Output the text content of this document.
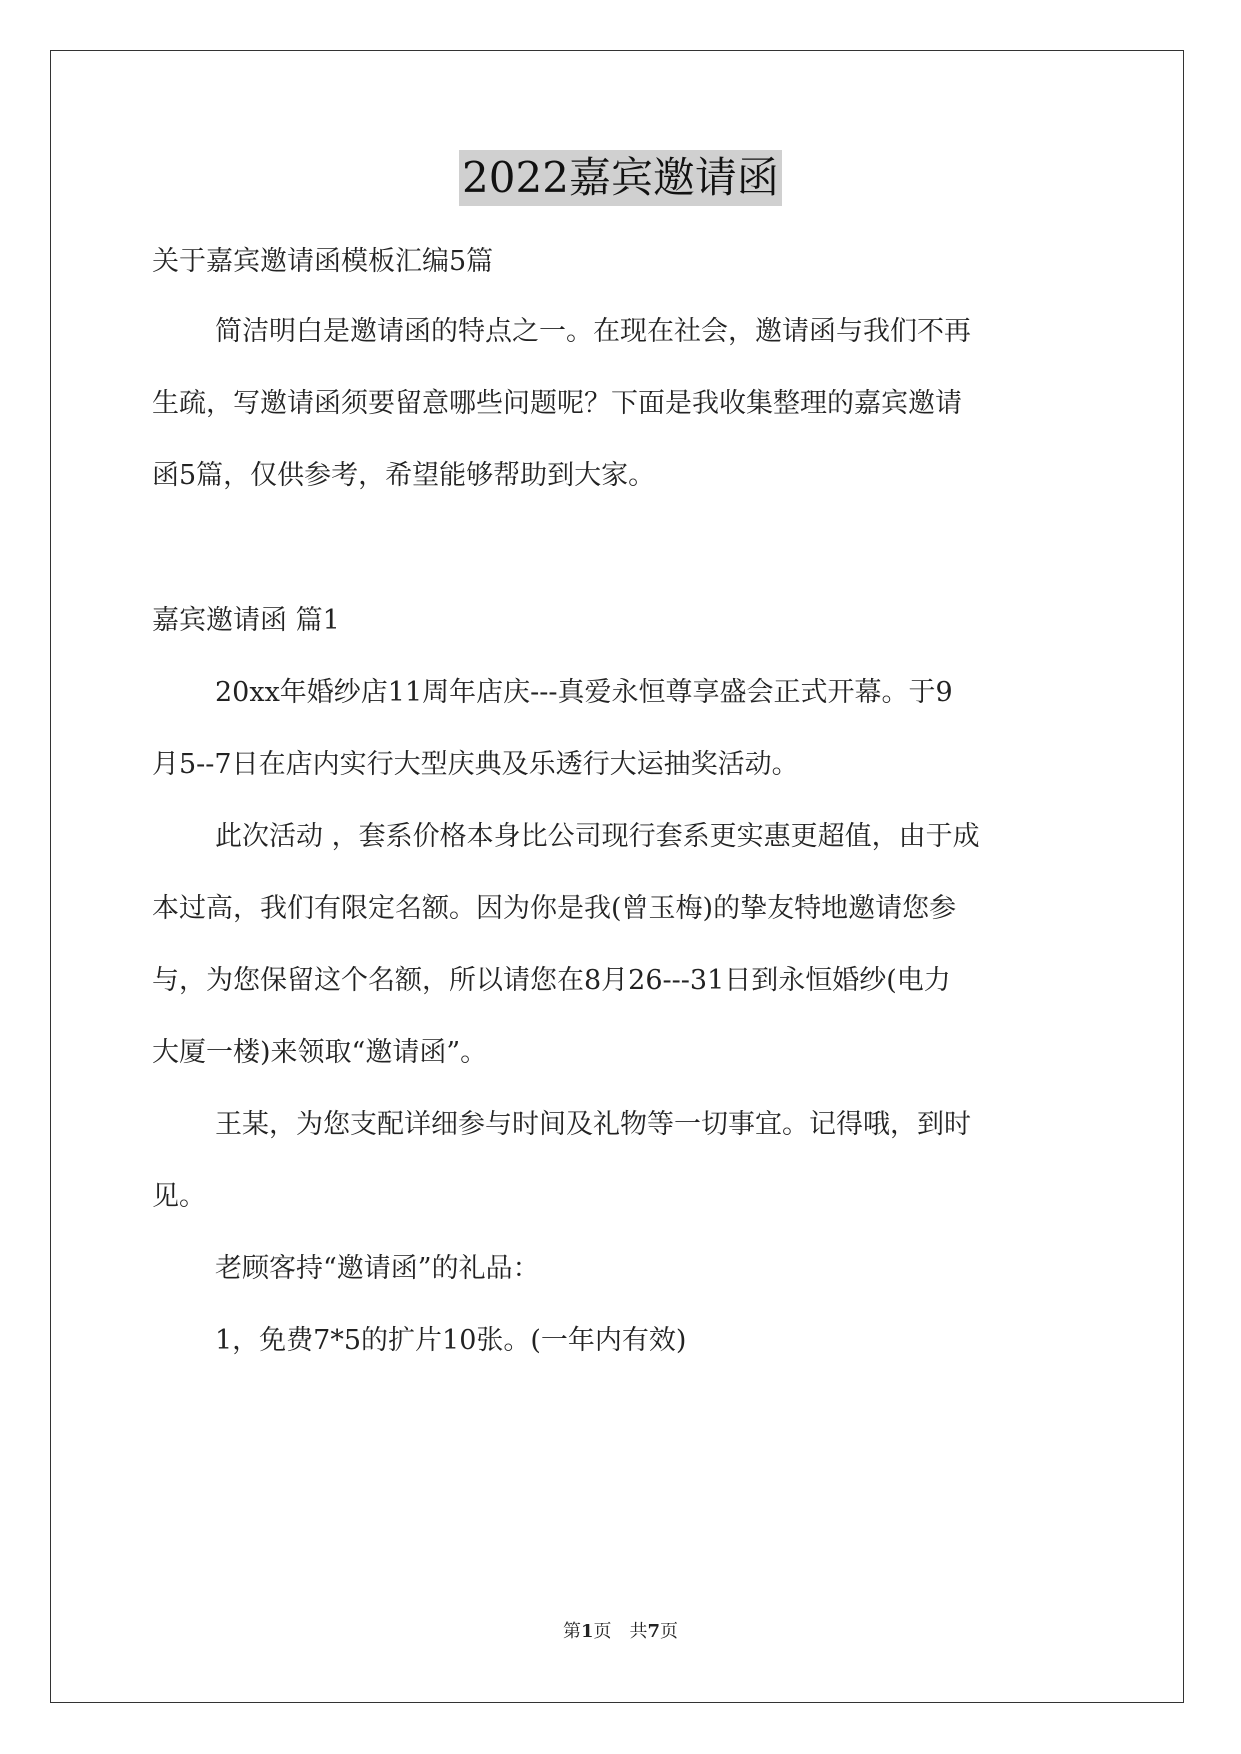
2022嘉宾邀请函
关于嘉宾邀请函模板汇编5篇
简洁明白是邀请函的特点之一。在现在社会，邀请函与我们不再
生疏，写邀请函须要留意哪些问题呢？下面是我收集整理的嘉宾邀请
函5篇，仅供参考，希望能够帮助到大家。
嘉宾邀请函 篇1
20xx年婚纱店11周年店庆---真爱永恒尊享盛会正式开幕。于9
月5--7日在店内实行大型庆典及乐透行大运抽奖活动。
此次活动 ，套系价格本身比公司现行套系更实惠更超值，由于成
本过高，我们有限定名额。因为你是我(曾玉梅)的挚友特地邀请您参
与，为您保留这个名额，所以请您在8月26---31日到永恒婚纱(电力
大厦一楼)来领取“邀请函”。
王某，为您支配详细参与时间及礼物等一切事宜。记得哦，到时
见。
老顾客持“邀请函”的礼品：
1，免费7*5的扩片10张。(一年内有效)
第1页 共7页
